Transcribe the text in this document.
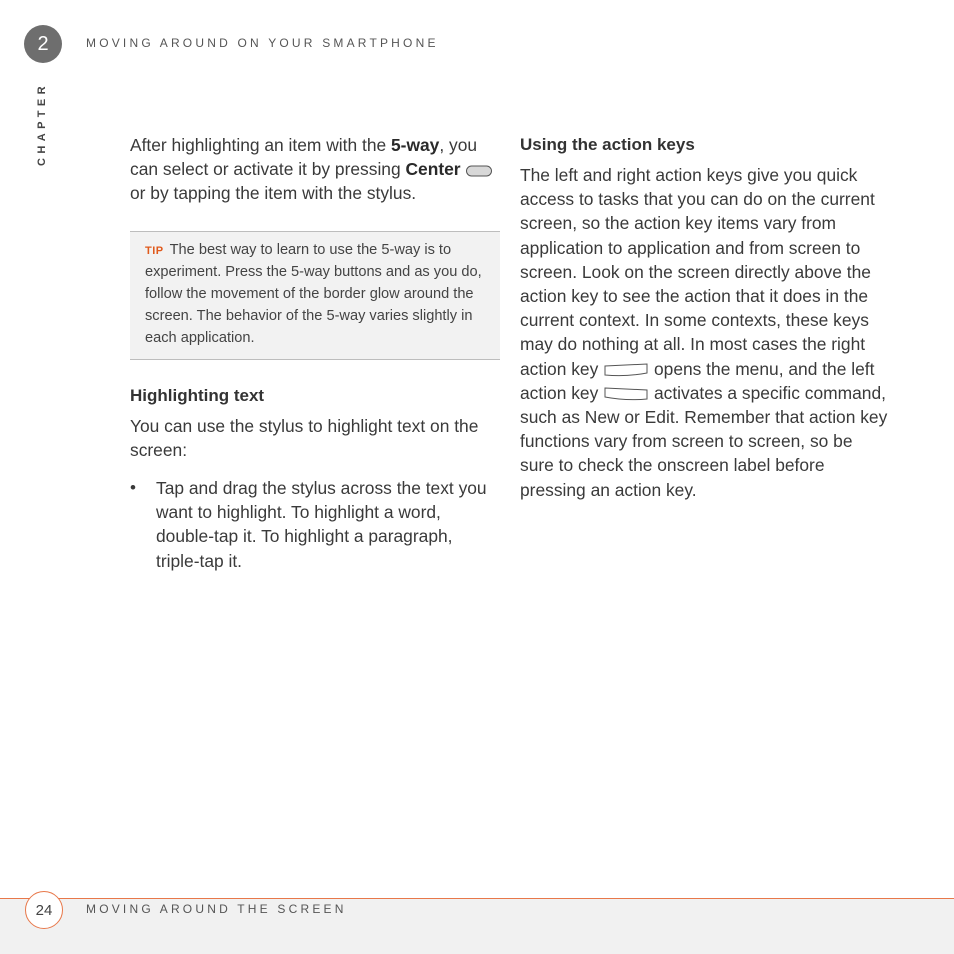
2	MOVING AROUND ON YOUR SMARTPHONE
CHAPTER	After highlighting an item with the 5-way, you can select or activate it by pressing Center  or by tapping the item with the stylus.

TIP The best way to learn to use the 5-way is to experiment. Press the 5-way buttons and as you do, follow the movement of the border glow around the screen. The behavior of the 5-way varies slightly in each application.

Highlighting text

You can use the stylus to highlight text on the screen:

•	Tap and drag the stylus across the text you want to highlight. To highlight a word, double-tap it. To highlight a paragraph, triple-tap it.

Using the action keys

The left and right action keys give you quick access to tasks that you can do on the current screen, so the action key items vary from application to application and from screen to screen. Look on the screen directly above the action key to see the action that it does in the current context. In some contexts, these keys may do nothing at all. In most cases the right action key	opens the menu, and the left action key	activates a specific command, such as New or Edit. Remember that action key functions vary from screen to screen, so be sure to check the onscreen label before pressing an action key.

24	MOVING AROUND THE SCREEN
